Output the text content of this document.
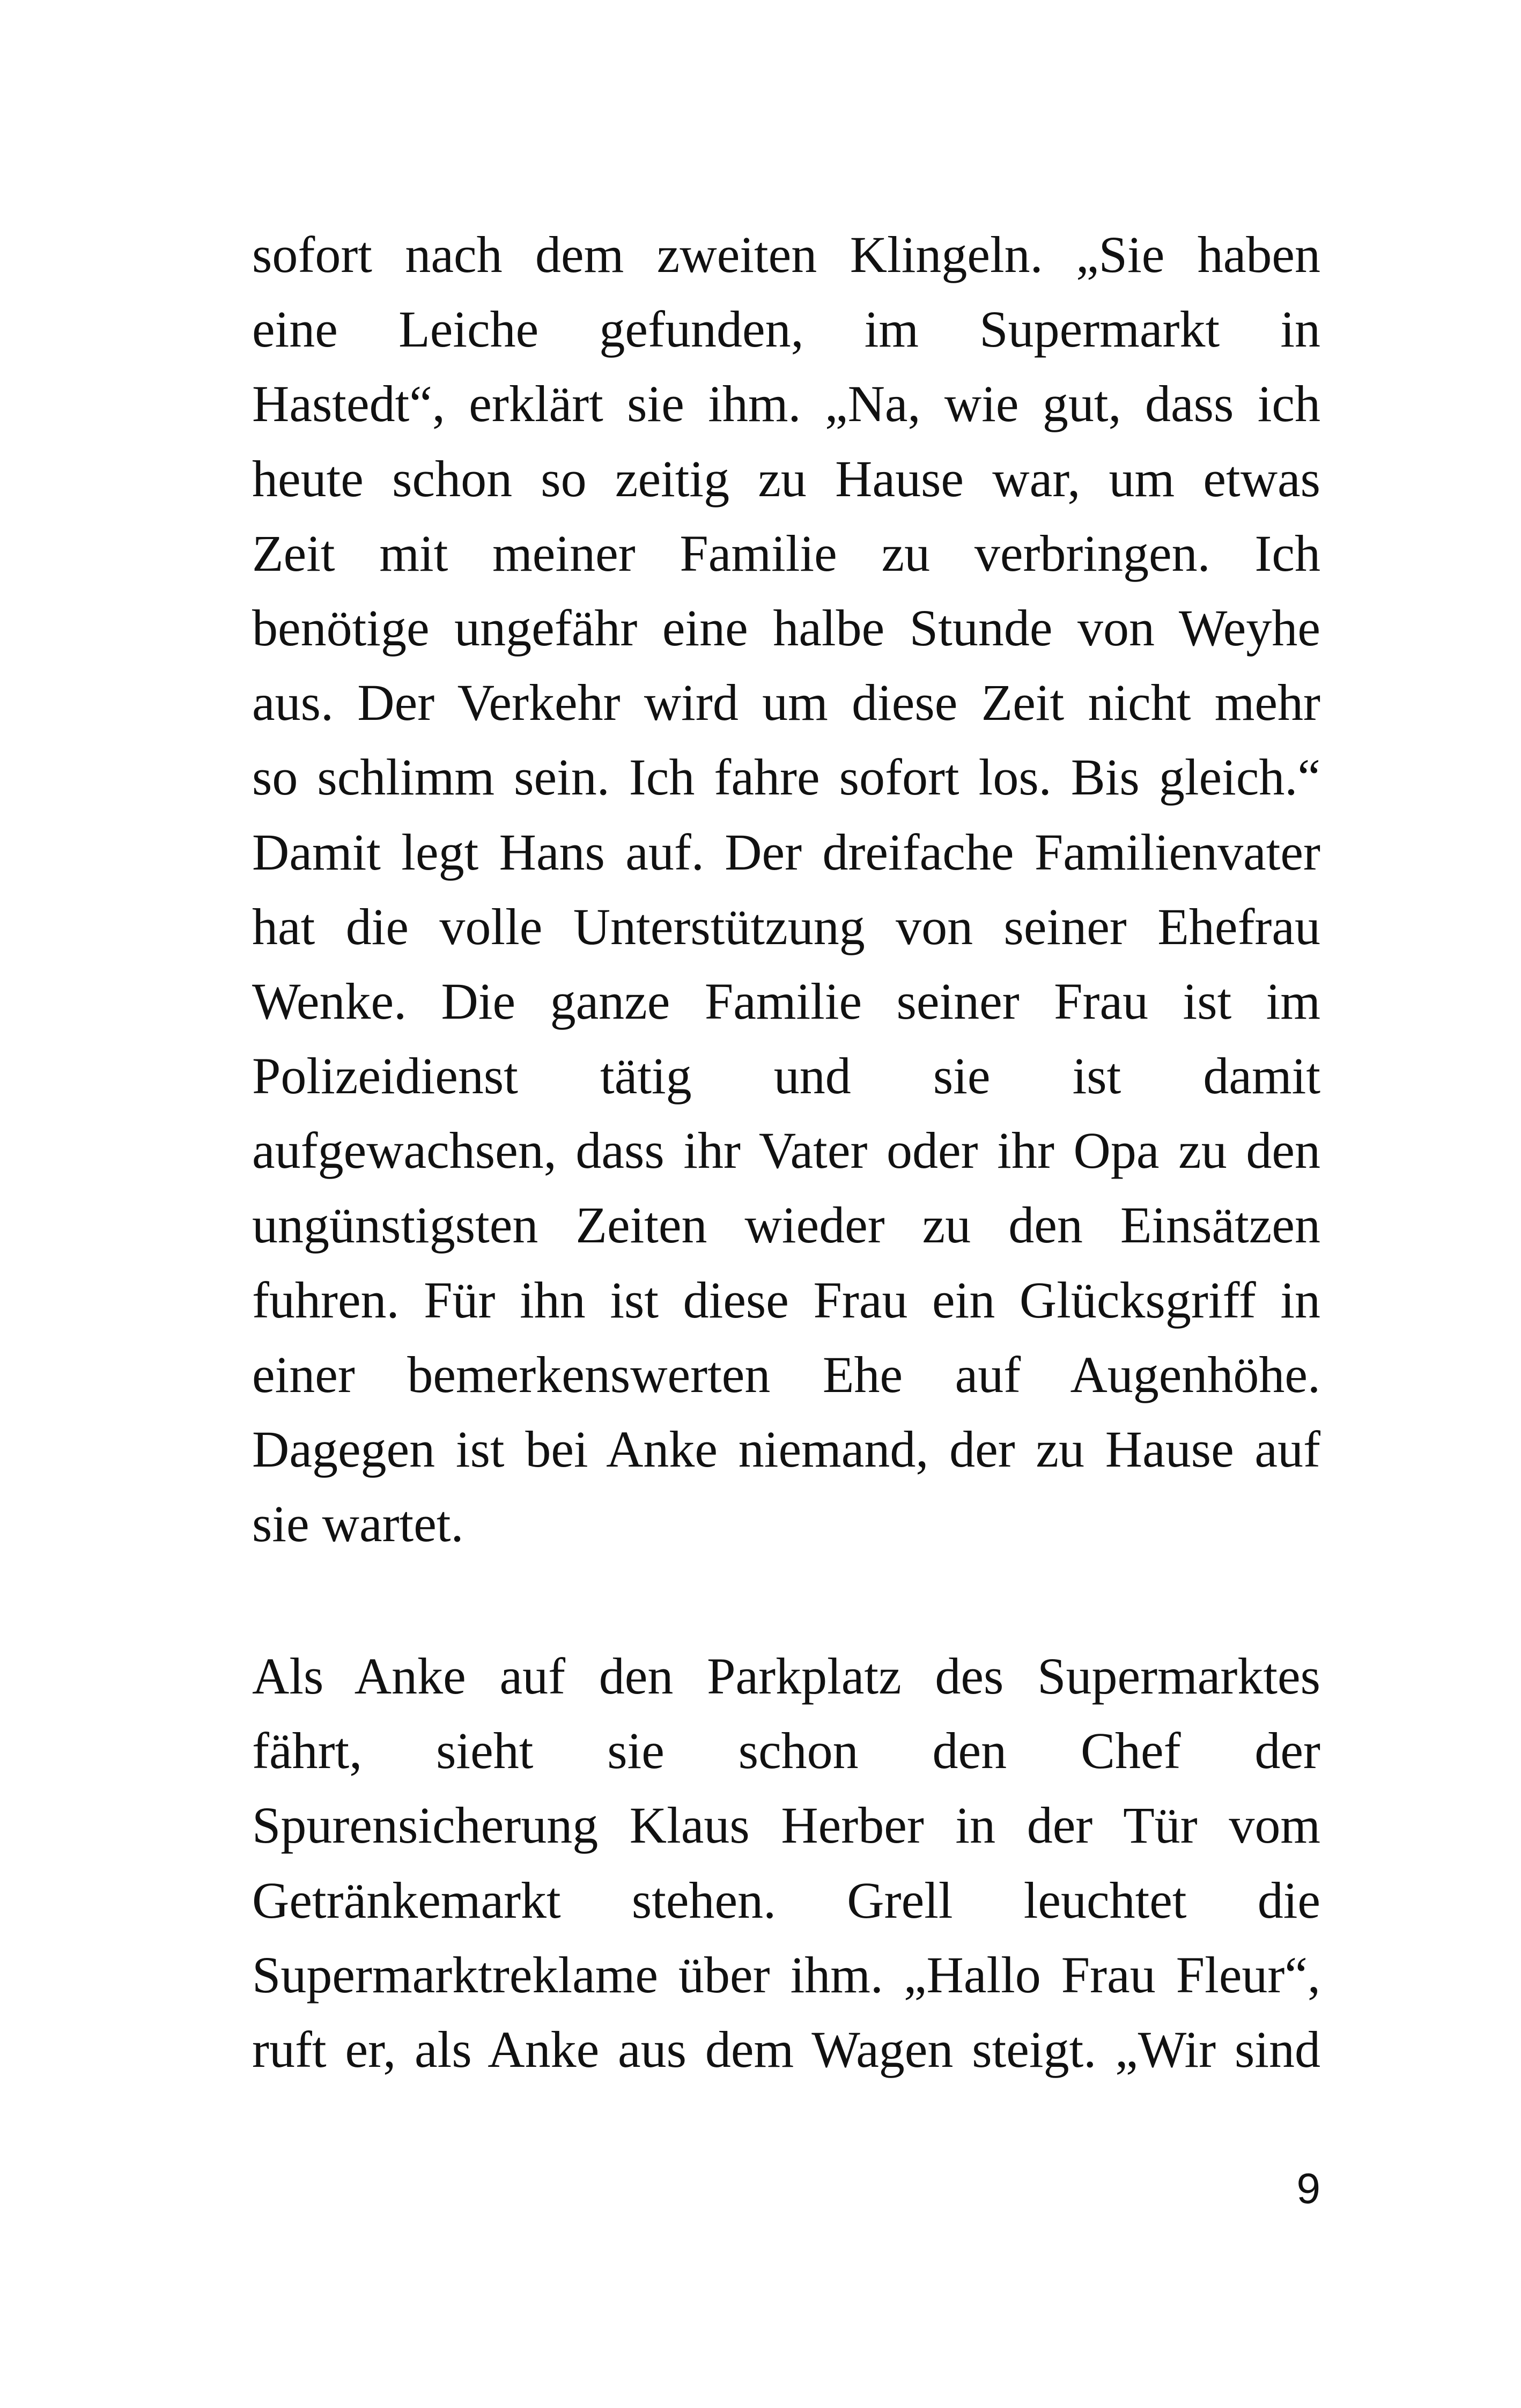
sofort nach dem zweiten Klingeln. „Sie haben
eine Leiche gefunden, im Supermarkt in
Hastedt“, erklärt sie ihm. „Na, wie gut, dass ich
heute schon so zeitig zu Hause war, um etwas
Zeit mit meiner Familie zu verbringen. Ich
benötige ungefähr eine halbe Stunde von Weyhe
aus. Der Verkehr wird um diese Zeit nicht mehr
so schlimm sein. Ich fahre sofort los. Bis gleich.“
Damit legt Hans auf. Der dreifache Familienvater
hat die volle Unterstützung von seiner Ehefrau
Wenke. Die ganze Familie seiner Frau ist im
Polizeidienst tätig und sie ist damit
aufgewachsen, dass ihr Vater oder ihr Opa zu den
ungünstigsten Zeiten wieder zu den Einsätzen
fuhren. Für ihn ist diese Frau ein Glücksgriff in
einer bemerkenswerten Ehe auf Augenhöhe.
Dagegen ist bei Anke niemand, der zu Hause auf
sie wartet.
Als Anke auf den Parkplatz des Supermarktes
fährt, sieht sie schon den Chef der
Spurensicherung Klaus Herber in der Tür vom
Getränkemarkt stehen. Grell leuchtet die
Supermarktreklame über ihm. „Hallo Frau Fleur“,
ruft er, als Anke aus dem Wagen steigt. „Wir sind
9
